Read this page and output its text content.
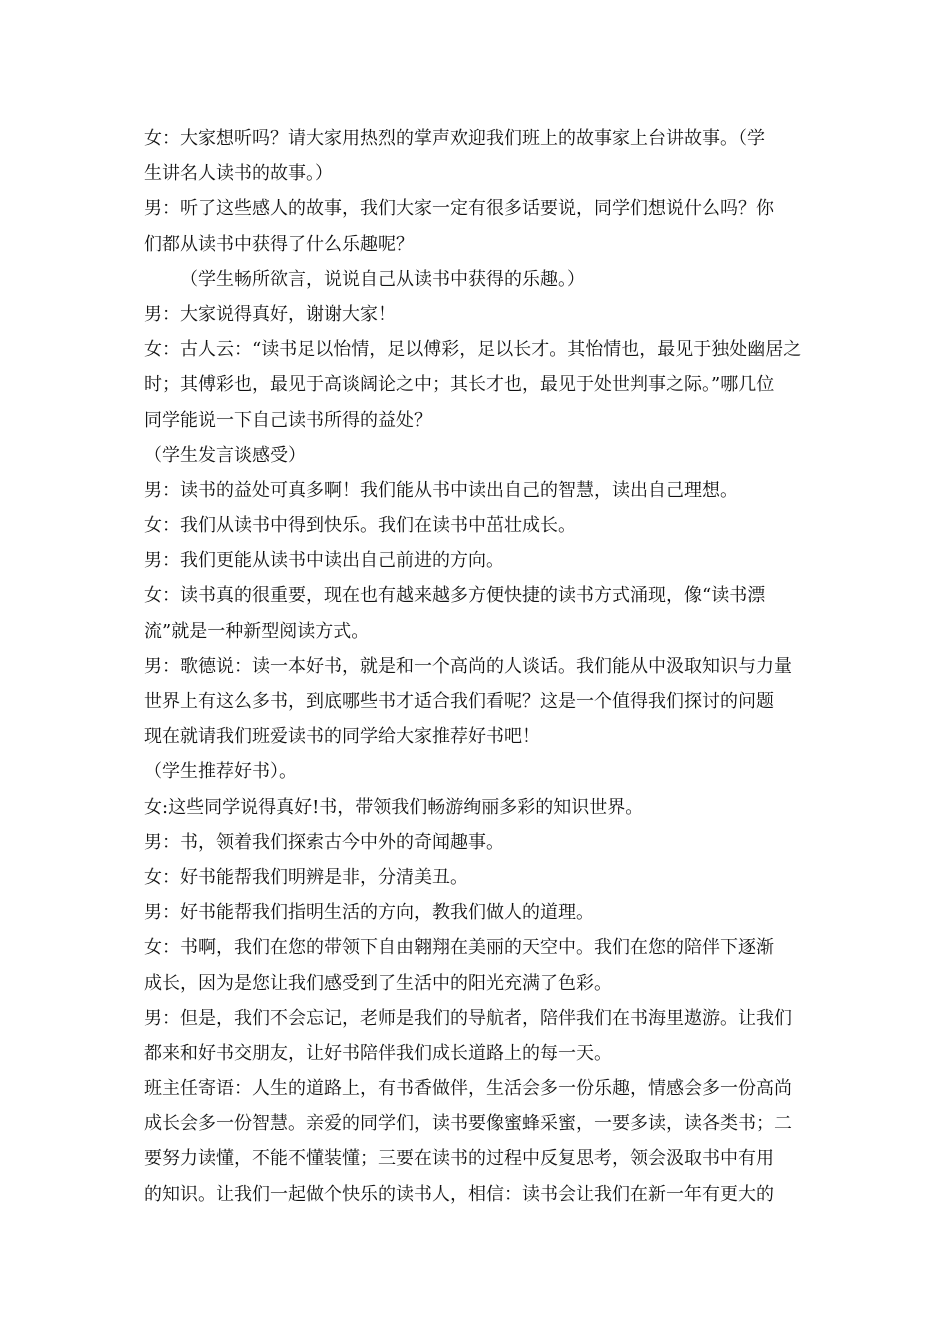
女：大家想听吗？请大家用热烈的掌声欢迎我们班上的故事家上台讲故事。（学
生讲名人读书的故事。）
男：听了这些感人的故事，我们大家一定有很多话要说，同学们想说什么吗？你
们都从读书中获得了什么乐趣呢？
（学生畅所欲言，说说自己从读书中获得的乐趣。）
男：大家说得真好，谢谢大家！
女：古人云：“读书足以怡情，足以傅彩，足以长才。其怡情也，最见于独处幽居之
时；其傅彩也，最见于高谈阔论之中；其长才也，最见于处世判事之际。”哪几位
同学能说一下自己读书所得的益处？
（学生发言谈感受）
男：读书的益处可真多啊！我们能从书中读出自己的智慧，读出自己理想。
女：我们从读书中得到快乐。我们在读书中茁壮成长。
男：我们更能从读书中读出自己前进的方向。
女：读书真的很重要，现在也有越来越多方便快捷的读书方式涌现，像“读书漂
流”就是一种新型阅读方式。
男：歌德说：读一本好书，就是和一个高尚的人谈话。我们能从中汲取知识与力量
世界上有这么多书，到底哪些书才适合我们看呢？这是一个值得我们探讨的问题
现在就请我们班爱读书的同学给大家推荐好书吧！
（学生推荐好书）。
女:这些同学说得真好!书，带领我们畅游绚丽多彩的知识世界。
男：书，领着我们探索古今中外的奇闻趣事。
女：好书能帮我们明辨是非，分清美丑。
男：好书能帮我们指明生活的方向，教我们做人的道理。
女：书啊，我们在您的带领下自由翱翔在美丽的天空中。我们在您的陪伴下逐渐
成长，因为是您让我们感受到了生活中的阳光充满了色彩。
男：但是，我们不会忘记，老师是我们的导航者，陪伴我们在书海里遨游。让我们
都来和好书交朋友，让好书陪伴我们成长道路上的每一天。
班主任寄语：人生的道路上，有书香做伴，生活会多一份乐趣，情感会多一份高尚
成长会多一份智慧。亲爱的同学们，读书要像蜜蜂采蜜，一要多读，读各类书；二
要努力读懂，不能不懂装懂；三要在读书的过程中反复思考，领会汲取书中有用
的知识。让我们一起做个快乐的读书人，相信：读书会让我们在新一年有更大的
